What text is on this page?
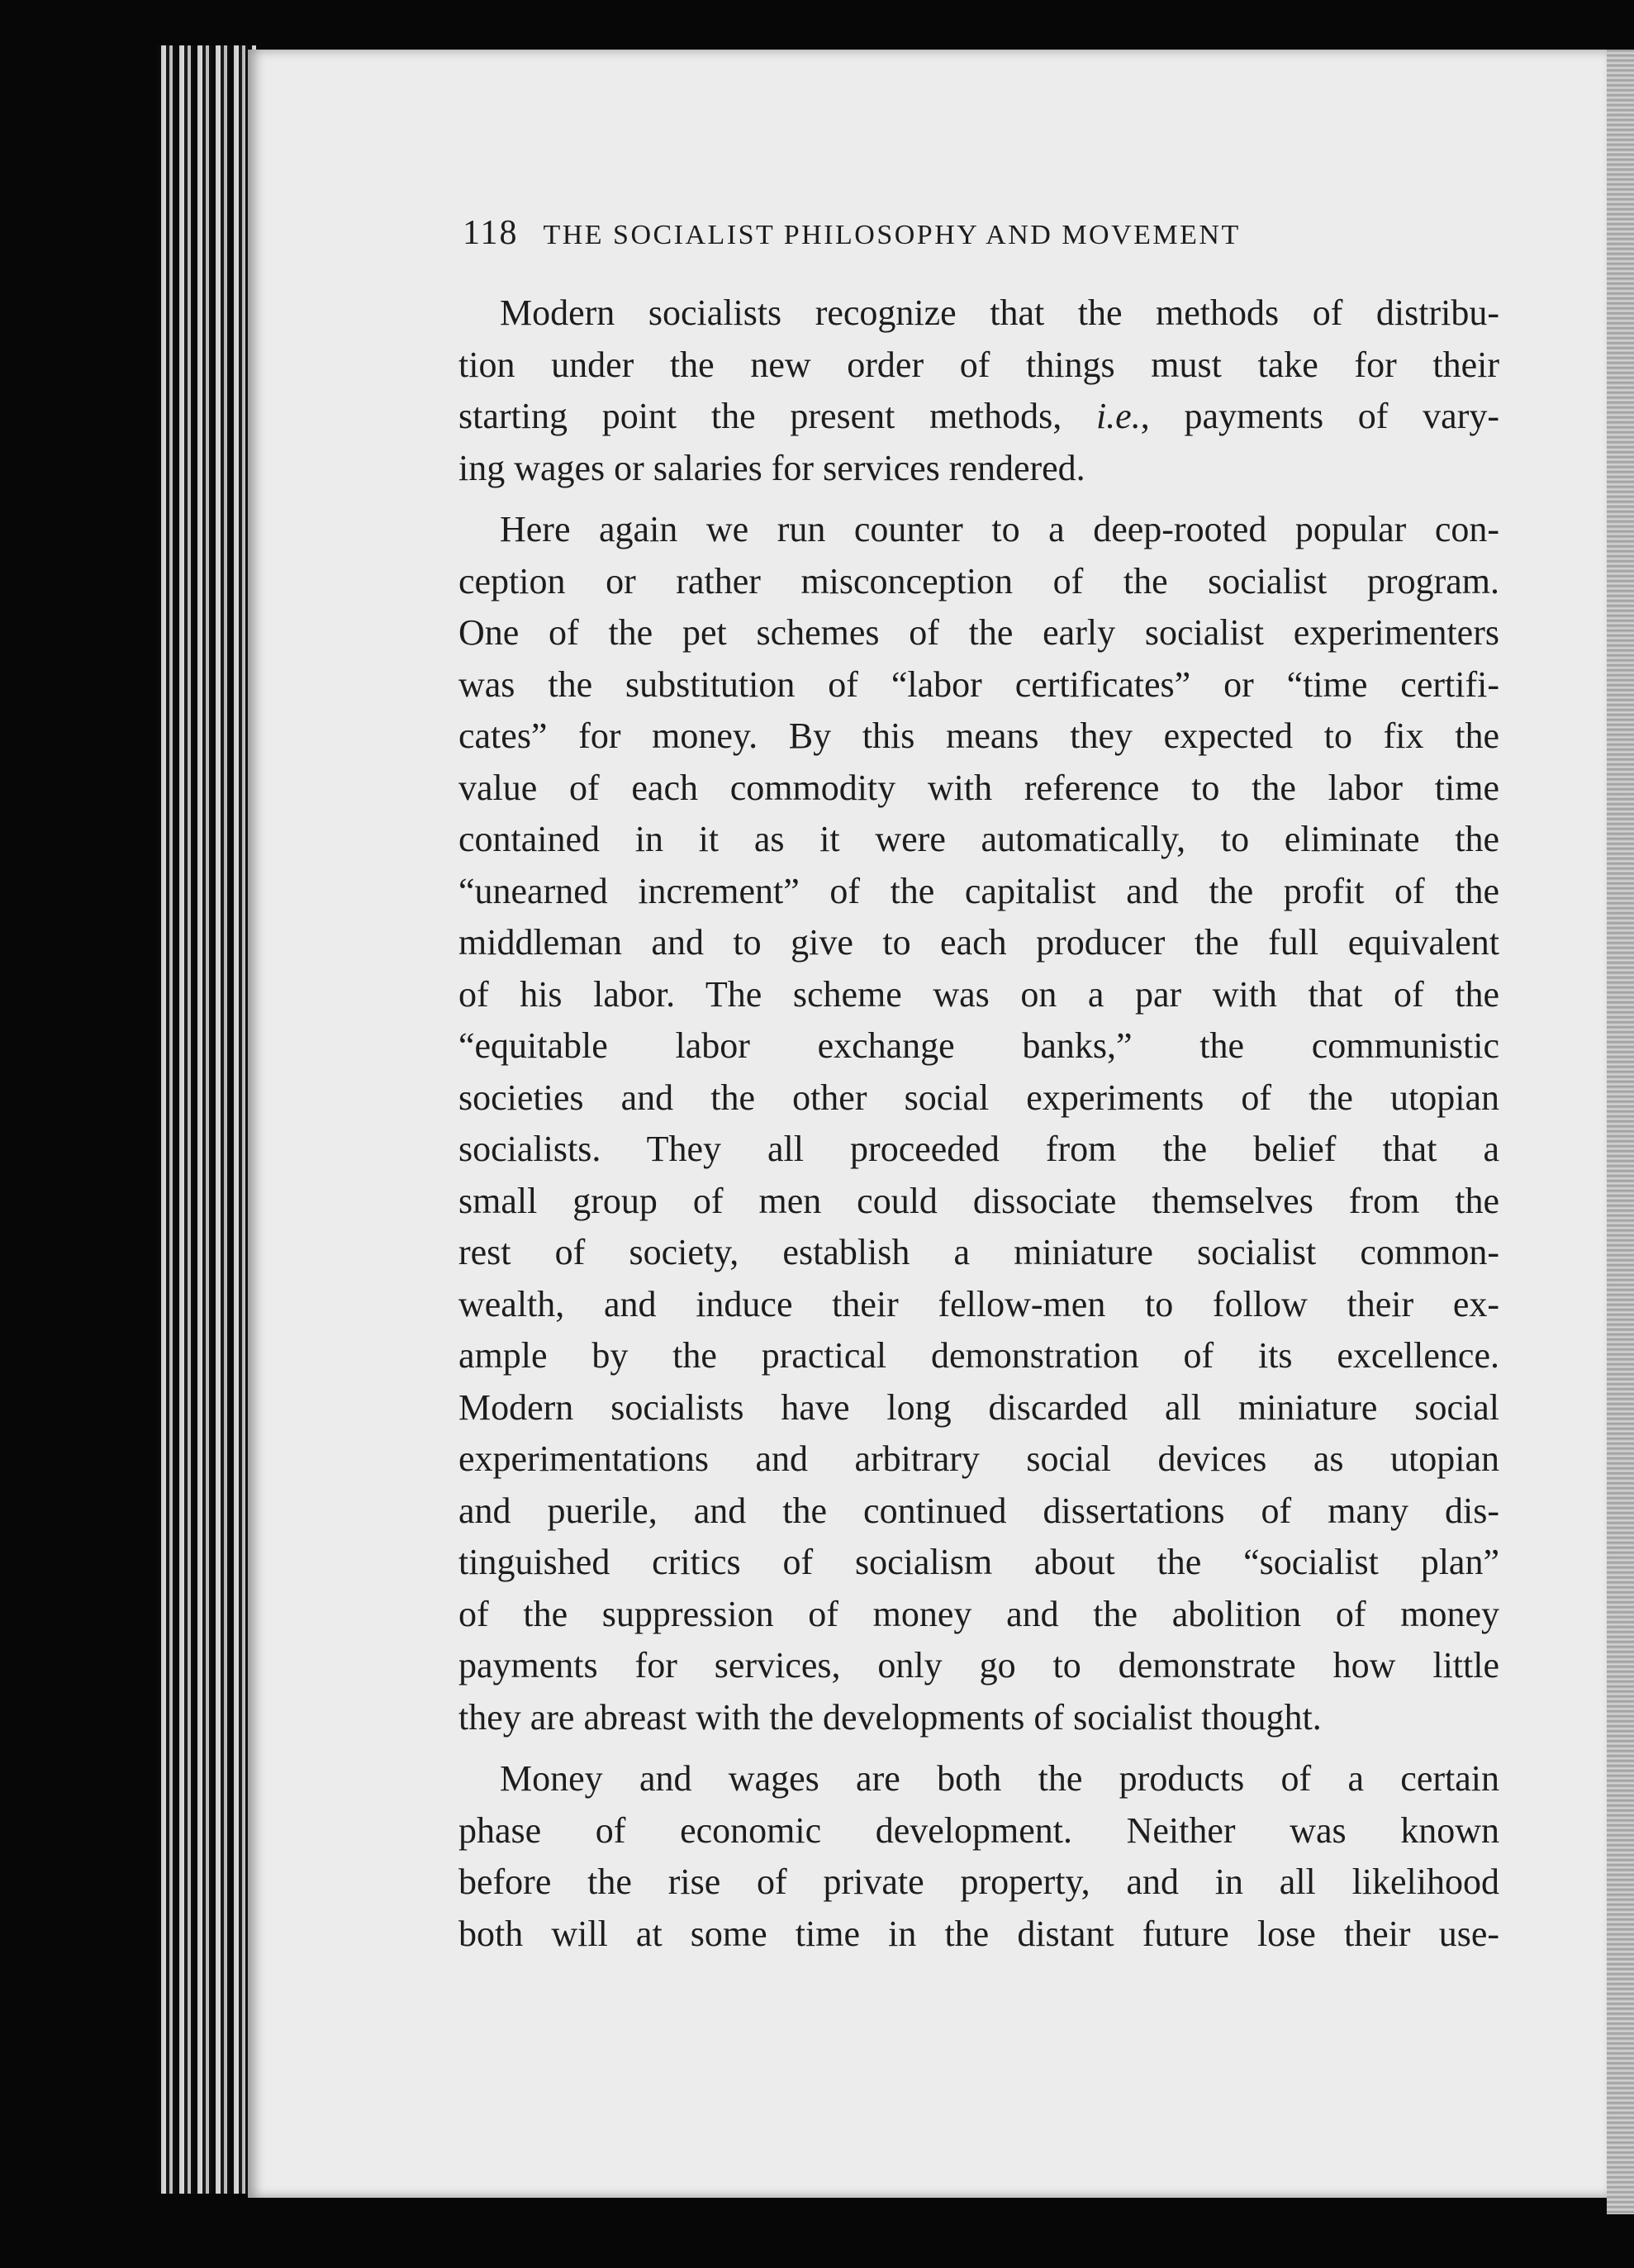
118 THE SOCIALIST PHILOSOPHY AND MOVEMENT
Modern socialists recognize that the methods of distribu-
tion under the new order of things must take for their
starting point the present methods, i.e., payments of vary-
ing wages or salaries for services rendered.
Here again we run counter to a deep-rooted popular con-
ception or rather misconception of the socialist program.
One of the pet schemes of the early socialist experimenters
was the substitution of “labor certificates” or “time certifi-
cates” for money. By this means they expected to fix the
value of each commodity with reference to the labor time
contained in it as it were automatically, to eliminate the
“unearned increment” of the capitalist and the profit of the
middleman and to give to each producer the full equivalent
of his labor. The scheme was on a par with that of the
“equitable labor exchange banks,” the communistic
societies and the other social experiments of the utopian
socialists. They all proceeded from the belief that a
small group of men could dissociate themselves from the
rest of society, establish a miniature socialist common-
wealth, and induce their fellow-men to follow their ex-
ample by the practical demonstration of its excellence.
Modern socialists have long discarded all miniature social
experimentations and arbitrary social devices as utopian
and puerile, and the continued dissertations of many dis-
tinguished critics of socialism about the “socialist plan”
of the suppression of money and the abolition of money
payments for services, only go to demonstrate how little
they are abreast with the developments of socialist thought.
Money and wages are both the products of a certain
phase of economic development. Neither was known
before the rise of private property, and in all likelihood
both will at some time in the distant future lose their use-
